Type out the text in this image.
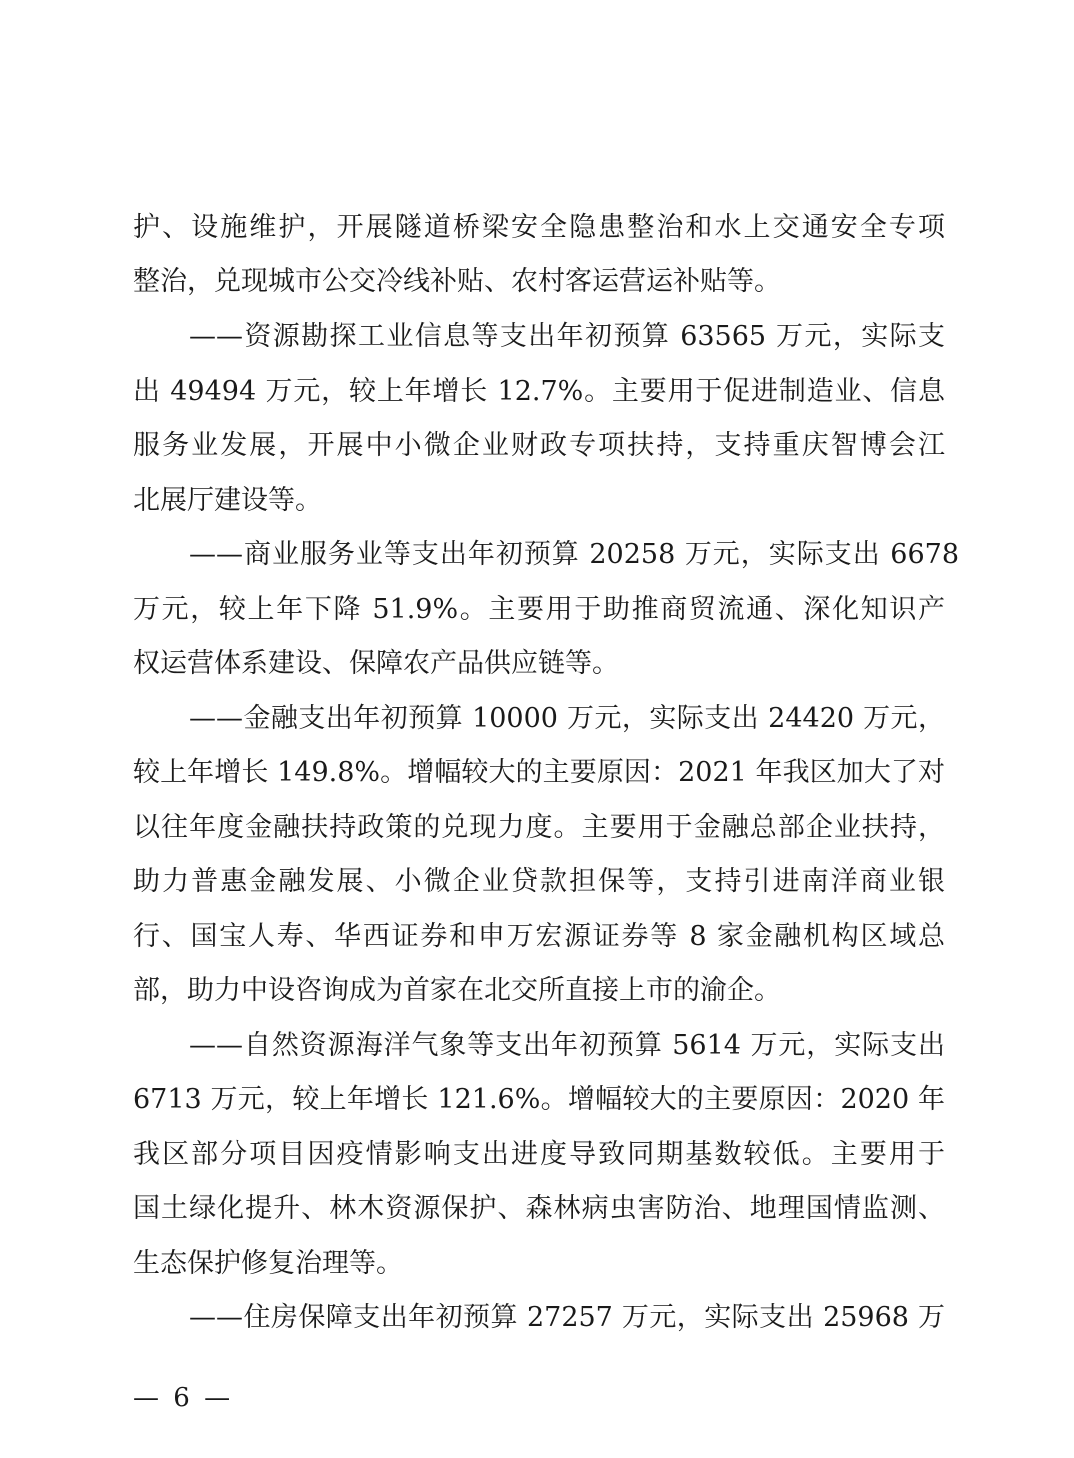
护、设施维护，开展隧道桥梁安全隐患整治和水上交通安全专项
整治，兑现城市公交冷线补贴、农村客运营运补贴等。
——资源勘探工业信息等支出年初预算 63565 万元，实际支
出 49494 万元，较上年增长 12.7%。主要用于促进制造业、信息
服务业发展，开展中小微企业财政专项扶持，支持重庆智博会江
北展厅建设等。
——商业服务业等支出年初预算 20258 万元，实际支出 6678
万元，较上年下降 51.9%。主要用于助推商贸流通、深化知识产
权运营体系建设、保障农产品供应链等。
——金融支出年初预算 10000 万元，实际支出 24420 万元，
较上年增长 149.8%。增幅较大的主要原因：2021 年我区加大了对
以往年度金融扶持政策的兑现力度。主要用于金融总部企业扶持，
助力普惠金融发展、小微企业贷款担保等，支持引进南洋商业银
行、国宝人寿、华西证券和申万宏源证券等 8 家金融机构区域总
部，助力中设咨询成为首家在北交所直接上市的渝企。
——自然资源海洋气象等支出年初预算 5614 万元，实际支出
6713 万元，较上年增长 121.6%。增幅较大的主要原因：2020 年
我区部分项目因疫情影响支出进度导致同期基数较低。主要用于
国土绿化提升、林木资源保护、森林病虫害防治、地理国情监测、
生态保护修复治理等。
——住房保障支出年初预算 27257 万元，实际支出 25968 万
— 6 —
